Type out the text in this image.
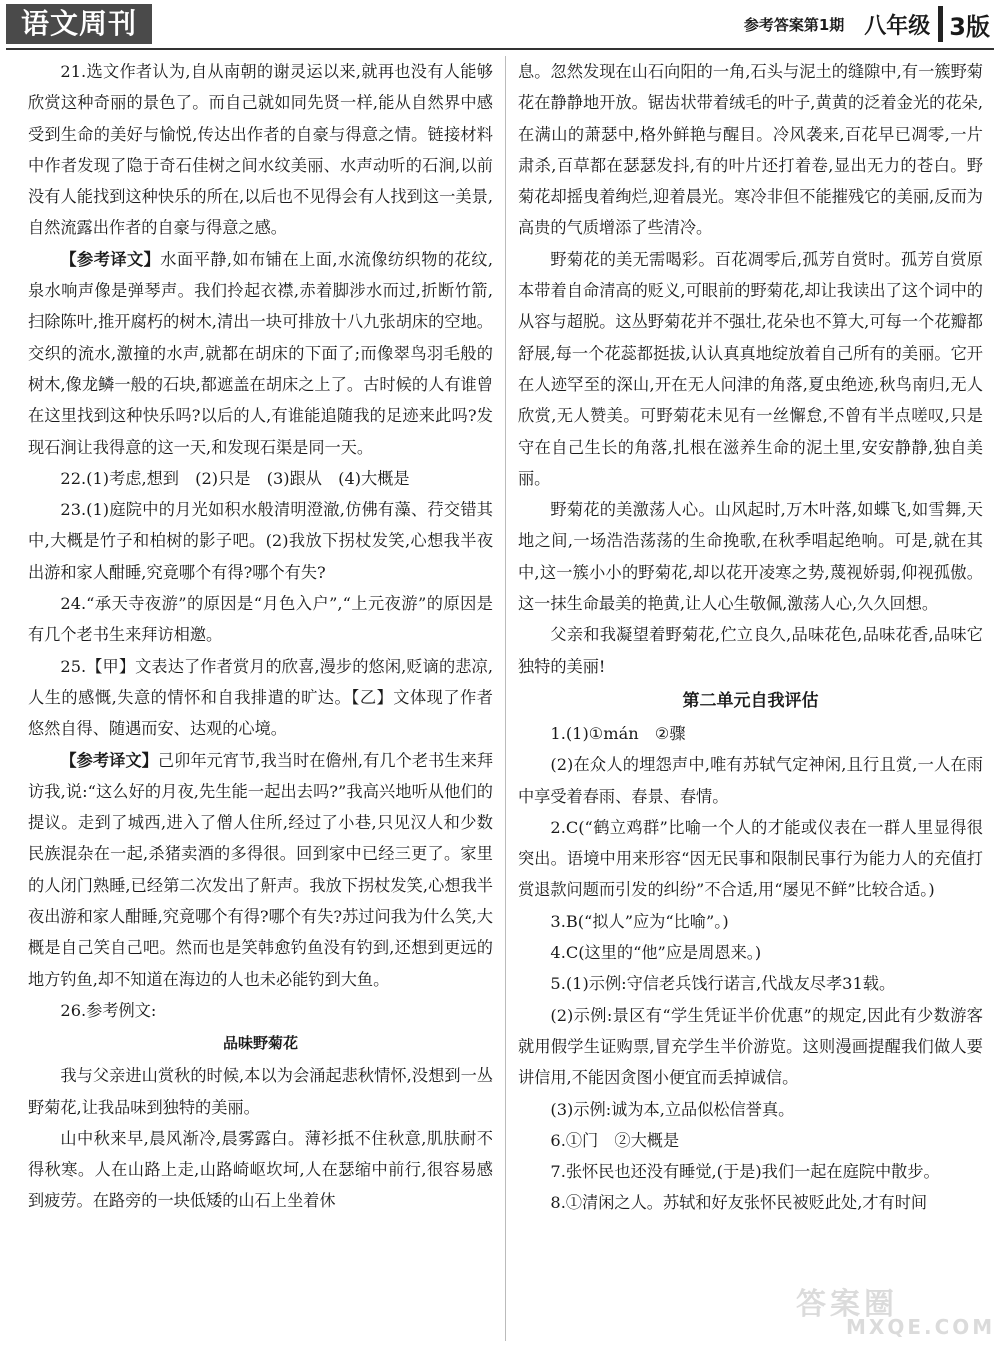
语文周刊	参考答案第1期 八年级 3版

21.选文作者认为,自从南朝的谢灵运以来,就再也没有人能够欣赏这种奇丽的景色了。而自己就如同先贤一样,能从自然界中感受到生命的美好与愉悦,传达出作者的自豪与得意之情。链接材料中作者发现了隐于奇石佳树之间水纹美丽、水声动听的石涧,以前没有人能找到这种快乐的所在,以后也不见得会有人找到这一美景,自然流露出作者的自豪与得意之感。

【参考译文】水面平静,如布铺在上面,水流像纺织物的花纹,泉水响声像是弹琴声。我们拎起衣襟,赤着脚涉水而过,折断竹箭,扫除陈叶,推开腐朽的树木,清出一块可排放十八九张胡床的空地。交织的流水,激撞的水声,就都在胡床的下面了;而像翠鸟羽毛般的树木,像龙鳞一般的石块,都遮盖在胡床之上了。古时候的人有谁曾在这里找到这种快乐吗?以后的人,有谁能追随我的足迹来此吗?发现石涧让我得意的这一天,和发现石渠是同一天。

22.(1)考虑,想到　(2)只是　(3)跟从　(4)大概是

23.(1)庭院中的月光如积水般清明澄澈,仿佛有藻、荇交错其中,大概是竹子和柏树的影子吧。(2)我放下拐杖发笑,心想我半夜出游和家人酣睡,究竟哪个有得?哪个有失?

24.“承天寺夜游”的原因是“月色入户”,“上元夜游”的原因是有几个老书生来拜访相邀。

25.【甲】文表达了作者赏月的欣喜,漫步的悠闲,贬谪的悲凉,人生的感慨,失意的情怀和自我排遣的旷达。【乙】文体现了作者悠然自得、随遇而安、达观的心境。

【参考译文】己卯年元宵节,我当时在儋州,有几个老书生来拜访我,说:“这么好的月夜,先生能一起出去吗?”我高兴地听从他们的提议。走到了城西,进入了僧人住所,经过了小巷,只见汉人和少数民族混杂在一起,杀猪卖酒的多得很。回到家中已经三更了。家里的人闭门熟睡,已经第二次发出了鼾声。我放下拐杖发笑,心想我半夜出游和家人酣睡,究竟哪个有得?哪个有失?苏过问我为什么笑,大概是自己笑自己吧。然而也是笑韩愈钓鱼没有钓到,还想到更远的地方钓鱼,却不知道在海边的人也未必能钓到大鱼。

26.参考例文:

品味野菊花

我与父亲进山赏秋的时候,本以为会涌起悲秋情怀,没想到一丛野菊花,让我品味到独特的美丽。

山中秋来早,晨风渐冷,晨雾露白。薄衫抵不住秋意,肌肤耐不得秋寒。人在山路上走,山路崎岖坎坷,人在瑟缩中前行,很容易感到疲劳。在路旁的一块低矮的山石上坐着休

息。忽然发现在山石向阳的一角,石头与泥土的缝隙中,有一簇野菊花在静静地开放。锯齿状带着绒毛的叶子,黄黄的泛着金光的花朵,在满山的萧瑟中,格外鲜艳与醒目。冷风袭来,百花早已凋零,一片肃杀,百草都在瑟瑟发抖,有的叶片还打着卷,显出无力的苍白。野菊花却摇曳着绚烂,迎着晨光。寒冷非但不能摧残它的美丽,反而为高贵的气质增添了些清冷。

野菊花的美无需喝彩。百花凋零后,孤芳自赏时。孤芳自赏原本带着自命清高的贬义,可眼前的野菊花,却让我读出了这个词中的从容与超脱。这丛野菊花并不强壮,花朵也不算大,可每一个花瓣都舒展,每一个花蕊都挺拔,认认真真地绽放着自己所有的美丽。它开在人迹罕至的深山,开在无人问津的角落,夏虫绝迹,秋鸟南归,无人欣赏,无人赞美。可野菊花未见有一丝懈怠,不曾有半点嗟叹,只是守在自己生长的角落,扎根在滋养生命的泥土里,安安静静,独自美丽。

野菊花的美激荡人心。山风起时,万木叶落,如蝶飞,如雪舞,天地之间,一场浩浩荡荡的生命挽歌,在秋季唱起绝响。可是,就在其中,这一簇小小的野菊花,却以花开凌寒之势,蔑视娇弱,仰视孤傲。这一抹生命最美的艳黄,让人心生敬佩,激荡人心,久久回想。

父亲和我凝望着野菊花,伫立良久,品味花色,品味花香,品味它独特的美丽!

第二单元自我评估

1.(1)①mán　②骤

(2)在众人的埋怨声中,唯有苏轼气定神闲,且行且赏,一人在雨中享受着春雨、春景、春情。

2.C(“鹤立鸡群”比喻一个人的才能或仪表在一群人里显得很突出。语境中用来形容“因无民事和限制民事行为能力人的充值打赏退款问题而引发的纠纷”不合适,用“屡见不鲜”比较合适。)

3.B(“拟人”应为“比喻”。)

4.C(这里的“他”应是周恩来。)

5.(1)示例:守信老兵饯行诺言,代战友尽孝31载。

(2)示例:景区有“学生凭证半价优惠”的规定,因此有少数游客就用假学生证购票,冒充学生半价游览。这则漫画提醒我们做人要讲信用,不能因贪图小便宜而丢掉诚信。

(3)示例:诚为本,立品似松信誉真。

6.①门　②大概是

7.张怀民也还没有睡觉,(于是)我们一起在庭院中散步。

8.①清闲之人。苏轼和好友张怀民被贬此处,才有时间

答案圈
MXQE.COM
